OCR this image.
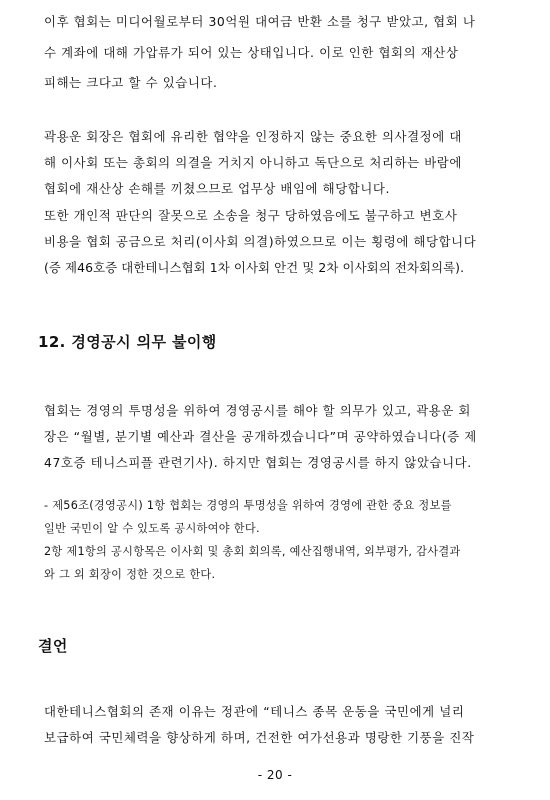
이후 협회는 미디어월로부터 30억원 대여금 반환 소를 청구 받았고, 협회 나
수 계좌에 대해 가압류가 되어 있는 상태입니다. 이로 인한 협회의 재산상
피해는 크다고 할 수 있습니다.
곽용운 회장은 협회에 유리한 협약을 인정하지 않는 중요한 의사결정에 대
해 이사회 또는 총회의 의결을 거치지 아니하고 독단으로 처리하는 바람에
협회에 재산상 손해를 끼쳤으므로 업무상 배임에 해당합니다.
또한 개인적 판단의 잘못으로 소송을 청구 당하였음에도 불구하고 변호사
비용을 협회 공금으로 처리(이사회 의결)하였으므로 이는 횡령에 해당합니다
(증 제46호증 대한테니스협회 1차 이사회 안건 및 2차 이사회의 전차회의록).
12. 경영공시 의무 불이행
협회는 경영의 투명성을 위하여 경영공시를 해야 할 의무가 있고, 곽용운 회
장은 “월별, 분기별 예산과 결산을 공개하겠습니다”며 공약하였습니다(증 제
47호증 테니스피플 관련기사). 하지만 협회는 경영공시를 하지 않았습니다.
- 제56조(경영공시) 1항 협회는 경영의 투명성을 위하여 경영에 관한 중요 정보를
일반 국민이 알 수 있도록 공시하여야 한다.
2항 제1항의 공시항목은 이사회 및 총회 회의록, 예산집행내역, 외부평가, 감사결과
와 그 외 회장이 정한 것으로 한다.
결언
대한테니스협회의 존재 이유는 정관에 “테니스 종목 운동을 국민에게 널리
보급하여 국민체력을 향상하게 하며, 건전한 여가선용과 명랑한 기풍을 진작
- 20 -
